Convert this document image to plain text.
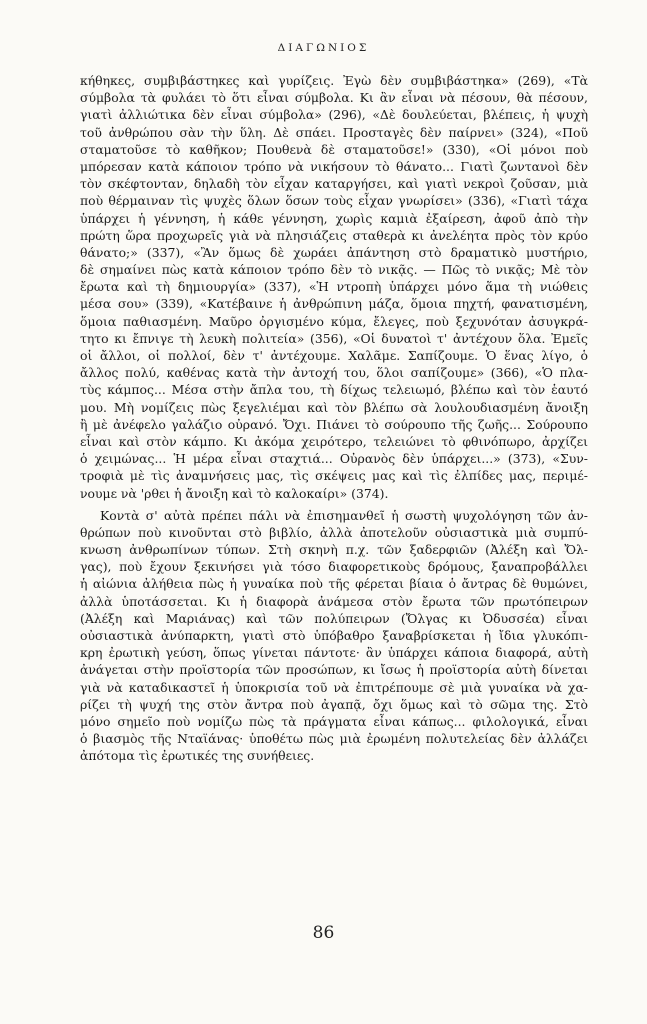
ΔΙΑΓΩΝΙΟΣ
κήθηκες, συμβιβάστηκες καὶ γυρίζεις. Ἐγὼ δὲν συμβιβάστηκα» (269), «Τὰ
σύμβολα τὰ φυλάει τὸ ὅτι εἶναι σύμβολα. Κι ἂν εἶναι νὰ πέσουν, θὰ πέσουν,
γιατὶ ἀλλιώτικα δὲν εἶναι σύμβολα» (296), «Δὲ δουλεύεται, βλέπεις, ἡ ψυχὴ
τοῦ ἀνθρώπου σὰν τὴν ὕλη. Δὲ σπάει. Προσταγὲς δὲν παίρνει» (324), «Ποῦ
σταματοῦσε τὸ καθῆκον; Πουθενὰ δὲ σταματοῦσε!» (330), «Οἱ μόνοι ποὺ
μπόρεσαν κατὰ κάποιον τρόπο νὰ νικήσουν τὸ θάνατο... Γιατὶ ζωντανοὶ δὲν
τὸν σκέφτονταν, δηλαδὴ τὸν εἶχαν καταργήσει, καὶ γιατὶ νεκροὶ ζοῦσαν, μιὰ
ποὺ θέρμαιναν τὶς ψυχὲς ὅλων ὅσων τοὺς εἶχαν γνωρίσει» (336), «Γιατὶ τάχα
ὑπάρχει ἡ γέννηση, ἡ κάθε γέννηση, χωρὶς καμιὰ ἐξαίρεση, ἀφοῦ ἀπὸ τὴν
πρώτη ὥρα προχωρεῖς γιὰ νὰ πλησιάζεις σταθερὰ κι ἀνελέητα πρὸς τὸν κρύο
θάνατο;» (337), «Ἂν ὅμως δὲ χωράει ἀπάντηση στὸ δραματικὸ μυστήριο,
δὲ σημαίνει πὼς κατὰ κάποιον τρόπο δὲν τὸ νικᾷς. — Πῶς τὸ νικᾷς; Μὲ τὸν
ἔρωτα καὶ τὴ δημιουργία» (337), «Ἡ ντροπὴ ὑπάρχει μόνο ἅμα τὴ νιώθεις
μέσα σου» (339), «Κατέβαινε ἡ ἀνθρώπινη μάζα, ὅμοια πηχτή, φανατισμένη,
ὅμοια παθιασμένη. Μαῦρο ὀργισμένο κύμα, ἔλεγες, ποὺ ξεχυνόταν ἀσυγκρά-
τητο κι ἔπνιγε τὴ λευκὴ πολιτεία» (356), «Οἱ δυνατοὶ τ' ἀντέχουν ὅλα. Ἐμεῖς
οἱ ἄλλοι, οἱ πολλοί, δὲν τ' ἀντέχουμε. Χαλᾶμε. Σαπίζουμε. Ὁ ἕνας λίγο, ὁ
ἄλλος πολύ, καθένας κατὰ τὴν ἀντοχή του, ὅλοι σαπίζουμε» (366), «Ὁ πλα-
τὺς κάμπος... Μέσα στὴν ἄπλα του, τὴ δίχως τελειωμό, βλέπω καὶ τὸν ἑαυτό
μου. Μὴ νομίζεις πὼς ξεγελιέμαι καὶ τὸν βλέπω σὰ λουλουδιασμένη ἄνοιξη
ἢ μὲ ἀνέφελο γαλάζιο οὐρανό. Ὄχι. Πιάνει τὸ σούρουπο τῆς ζωῆς... Σούρουπο
εἶναι καὶ στὸν κάμπο. Κι ἀκόμα χειρότερο, τελειώνει τὸ φθινόπωρο, ἀρχίζει
ὁ χειμώνας... Ἡ μέρα εἶναι σταχτιά... Οὐρανὸς δὲν ὑπάρχει...» (373), «Συν-
τροφιὰ μὲ τὶς ἀναμνήσεις μας, τὶς σκέψεις μας καὶ τὶς ἐλπίδες μας, περιμέ-
νουμε νὰ 'ρθει ἡ ἄνοιξη καὶ τὸ καλοκαίρι» (374).
Κοντὰ σ' αὐτὰ πρέπει πάλι νὰ ἐπισημανθεῖ ἡ σωστὴ ψυχολόγηση τῶν ἀν-
θρώπων ποὺ κινοῦνται στὸ βιβλίο, ἀλλὰ ἀποτελοῦν οὐσιαστικὰ μιὰ συμπύ-
κνωση ἀνθρωπίνων τύπων. Στὴ σκηνὴ π.χ. τῶν ξαδερφιῶν (Ἀλέξη καὶ Ὄλ-
γας), ποὺ ἔχουν ξεκινήσει γιὰ τόσο διαφορετικοὺς δρόμους, ξαναπροβάλλει
ἡ αἰώνια ἀλήθεια πὼς ἡ γυναίκα ποὺ τῆς φέρεται βίαια ὁ ἄντρας δὲ θυμώνει,
ἀλλὰ ὑποτάσσεται. Κι ἡ διαφορὰ ἀνάμεσα στὸν ἔρωτα τῶν πρωτόπειρων
(Ἀλέξη καὶ Μαριάνας) καὶ τῶν πολύπειρων (Ὄλγας κι Ὀδυσσέα) εἶναι
οὐσιαστικὰ ἀνύπαρκτη, γιατὶ στὸ ὑπόβαθρο ξαναβρίσκεται ἡ ἴδια γλυκόπι-
κρη ἐρωτικὴ γεύση, ὅπως γίνεται πάντοτε· ἂν ὑπάρχει κάποια διαφορά, αὐτὴ
ἀνάγεται στὴν προϊστορία τῶν προσώπων, κι ἴσως ἡ προϊστορία αὐτὴ δίνεται
γιὰ νὰ καταδικαστεῖ ἡ ὑποκρισία τοῦ νὰ ἐπιτρέπουμε σὲ μιὰ γυναίκα νὰ χα-
ρίζει τὴ ψυχή της στὸν ἄντρα ποὺ ἀγαπᾷ, ὄχι ὅμως καὶ τὸ σῶμα της. Στὸ
μόνο σημεῖο ποὺ νομίζω πὼς τὰ πράγματα εἶναι κάπως... φιλολογικά, εἶναι
ὁ βιασμὸς τῆς Νταϊάνας· ὑποθέτω πὼς μιὰ ἐρωμένη πολυτελείας δὲν ἀλλάζει
ἀπότομα τὶς ἐρωτικές της συνήθειες.
86
